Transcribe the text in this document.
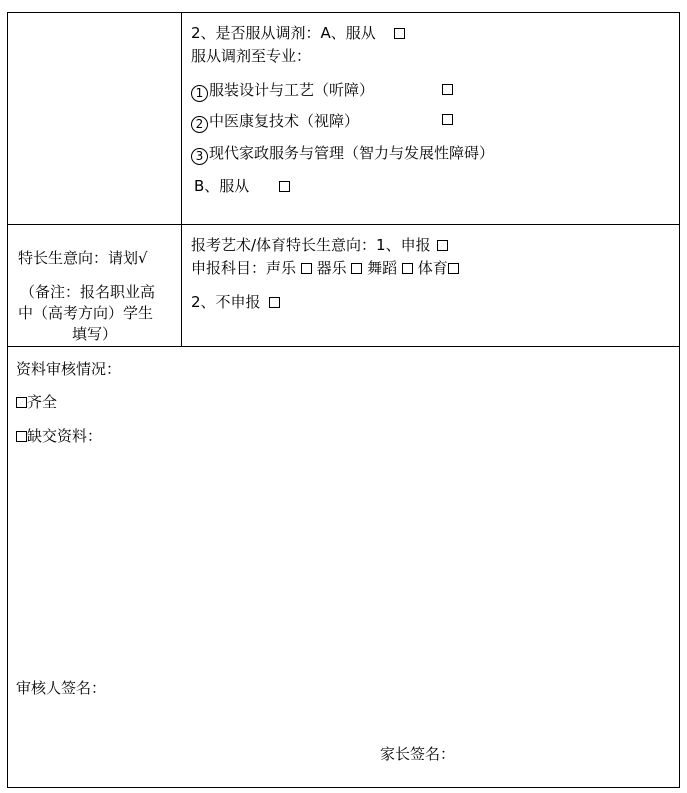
2、是否服从调剂：A、服从
服从调剂至专业：
1 服装设计与工艺（听障）
2 中医康复技术（视障）
3 现代家政服务与管理（智力与发展性障碍）
B、服从
特长生意向：请划√
（备注：报名职业高
中（高考方向）学生
填写）
报考艺术/体育特长生意向：1、申报
申报科目：声乐 器乐 舞蹈 体育
2、不申报
资料审核情况：
齐全
缺交资料：
审核人签名：
家长签名：
